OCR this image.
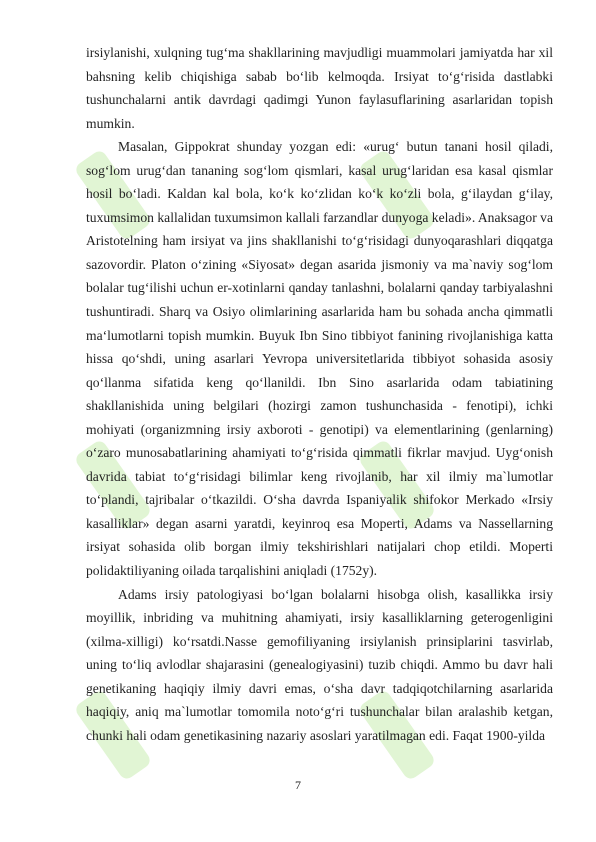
irsiylanishi, xulqning tug‘ma shakllarining mavjudligi muammolari jamiyatda har xil bahsning kelib chiqishiga sabab bo‘lib kelmoqda. Irsiyat to‘g‘risida dastlabki tushunchalarni antik davrdagi qadimgi Yunon faylasuflarining asarlaridan topish mumkin.

Masalan, Gippokrat shunday yozgan edi: «urug‘ butun tanani hosil qiladi, sog‘lom urug‘dan tananing sog‘lom qismlari, kasal urug‘laridan esa kasal qismlar hosil bo‘ladi. Kaldan kal bola, ko‘k ko‘zlidan ko‘k ko‘zli bola, g‘ilaydan g‘ilay, tuxumsimon kallalidan tuxumsimon kallali farzandlar dunyoga keladi». Anaksagor va Aristotelning ham irsiyat va jins shakllanishi to‘g‘risidagi dunyoqarashlari diqqatga sazovordir. Platon o‘zining «Siyosat» degan asarida jismoniy va ma`naviy sog‘lom bolalar tug‘ilishi uchun er-xotinlarni qanday tanlashni, bolalarni qanday tarbiyalashni tushuntiradi. Sharq va Osiyo olimlarining asarlarida ham bu sohada ancha qimmatli ma‘lumotlarni topish mumkin. Buyuk Ibn Sino tibbiyot fanining rivojlanishiga katta hissa qo‘shdi, uning asarlari Yevropa universitetlarida tibbiyot sohasida asosiy qo‘llanma sifatida keng qo‘llanildi. Ibn Sino asarlarida odam tabiatining shakllanishida uning belgilari (hozirgi zamon tushunchasida - fenotipi), ichki mohiyati (organizmning irsiy axboroti - genotipi) va elementlarining (genlarning) o‘zaro munosabatlarining ahamiyati to‘g‘risida qimmatli fikrlar mavjud. Uyg‘onish davrida tabiat to‘g‘risidagi bilimlar keng rivojlanib, har xil ilmiy ma`lumotlar to‘plandi, tajribalar o‘tkazildi. O‘sha davrda Ispaniyalik shifokor Merkado «Irsiy kasalliklar» degan asarni yaratdi, keyinroq esa Moperti, Adams va Nassellarning irsiyat sohasida olib borgan ilmiy tekshirishlari natijalari chop etildi. Moperti polidaktiliyaning oilada tarqalishini aniqladi (1752y).

Adams irsiy patologiyasi bo‘lgan bolalarni hisobga olish, kasallikka irsiy moyillik, inbriding va muhitning ahamiyati, irsiy kasalliklarning geterogenligini (xilma-xilligi) ko‘rsatdi.Nasse gemofiliyaning irsiylanish prinsiplarini tasvirlab, uning to‘liq avlodlar shajarasini (genealogiyasini) tuzib chiqdi. Ammo bu davr hali genetikaning haqiqiy ilmiy davri emas, o‘sha davr tadqiqotchilarning asarlarida haqiqiy, aniq ma`lumotlar tomomila noto‘g‘ri tushunchalar bilan aralashib ketgan, chunki hali odam genetikasining nazariy asoslari yaratilmagan edi. Faqat 1900-yilda

7
